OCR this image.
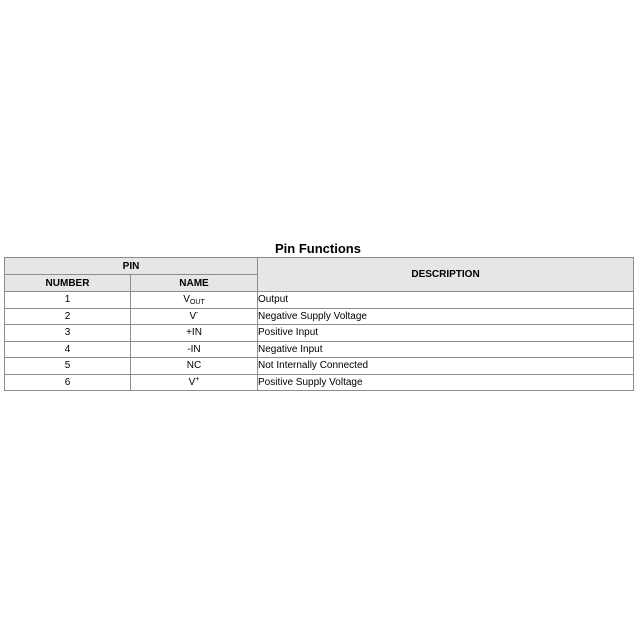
Pin Functions
PIN		DESCRIPTION
NUMBER	NAME	
1	$V_{OUT}$	Output
2	V-	Negative Supply Voltage
3	+IN	Positive Input
4	-IN	Negative Input
5	NC	Not Internally Connected
6	V+	Positive Supply Voltage
